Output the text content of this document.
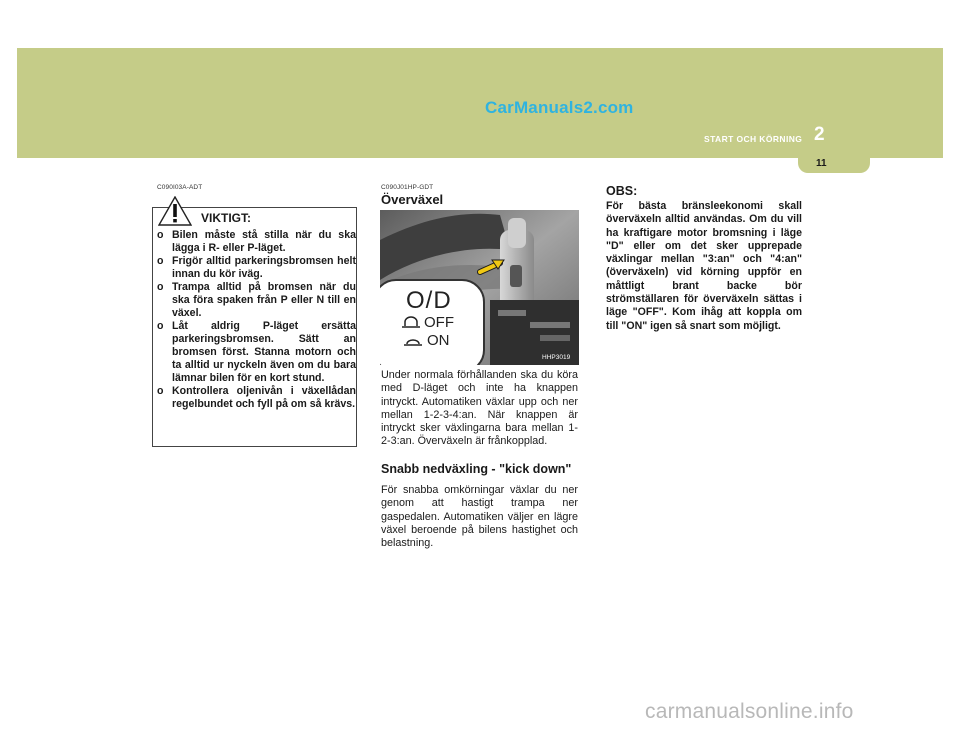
CarManuals2.com
START OCH KÖRNING 2
11
C090I03A-ADT
VIKTIGT:
o Bilen måste stå stilla när du ska lägga i R- eller P-läget.
o Frigör alltid parkeringsbromsen helt innan du kör iväg.
o Trampa alltid på bromsen när du ska föra spaken från P eller N till en växel.
o Låt aldrig P-läget ersätta parkeringsbromsen. Sätt an bromsen först. Stanna motorn och ta alltid ur nyckeln även om du bara lämnar bilen för en kort stund.
o Kontrollera oljenivån i växellådan regelbundet och fyll på om så krävs.
C090J01HP-GDT
Överväxel
O/D
OFF
ON
HHP3019
Under normala förhållanden ska du köra med D-läget och inte ha knappen intryckt. Automatiken växlar upp och ner mellan 1-2-3-4:an. När knappen är intryckt sker växlingarna bara mellan 1-2-3:an. Överväxeln är frånkopplad.
Snabb nedväxling - "kick down"
För snabba omkörningar växlar du ner genom att hastigt trampa ner gaspedalen. Automatiken väljer en lägre växel beroende på bilens hastighet och belastning.
OBS:
För bästa bränsleekonomi skall överväxeln alltid användas. Om du vill ha kraftigare motor bromsning i läge "D" eller om det sker upprepade växlingar mellan "3:an" och "4:an" (överväxeln) vid körning uppför en måttligt brant backe bör strömställaren för överväxeln sättas i läge "OFF". Kom ihåg att koppla om till "ON" igen så snart som möjligt.
carmanualsonline.info
